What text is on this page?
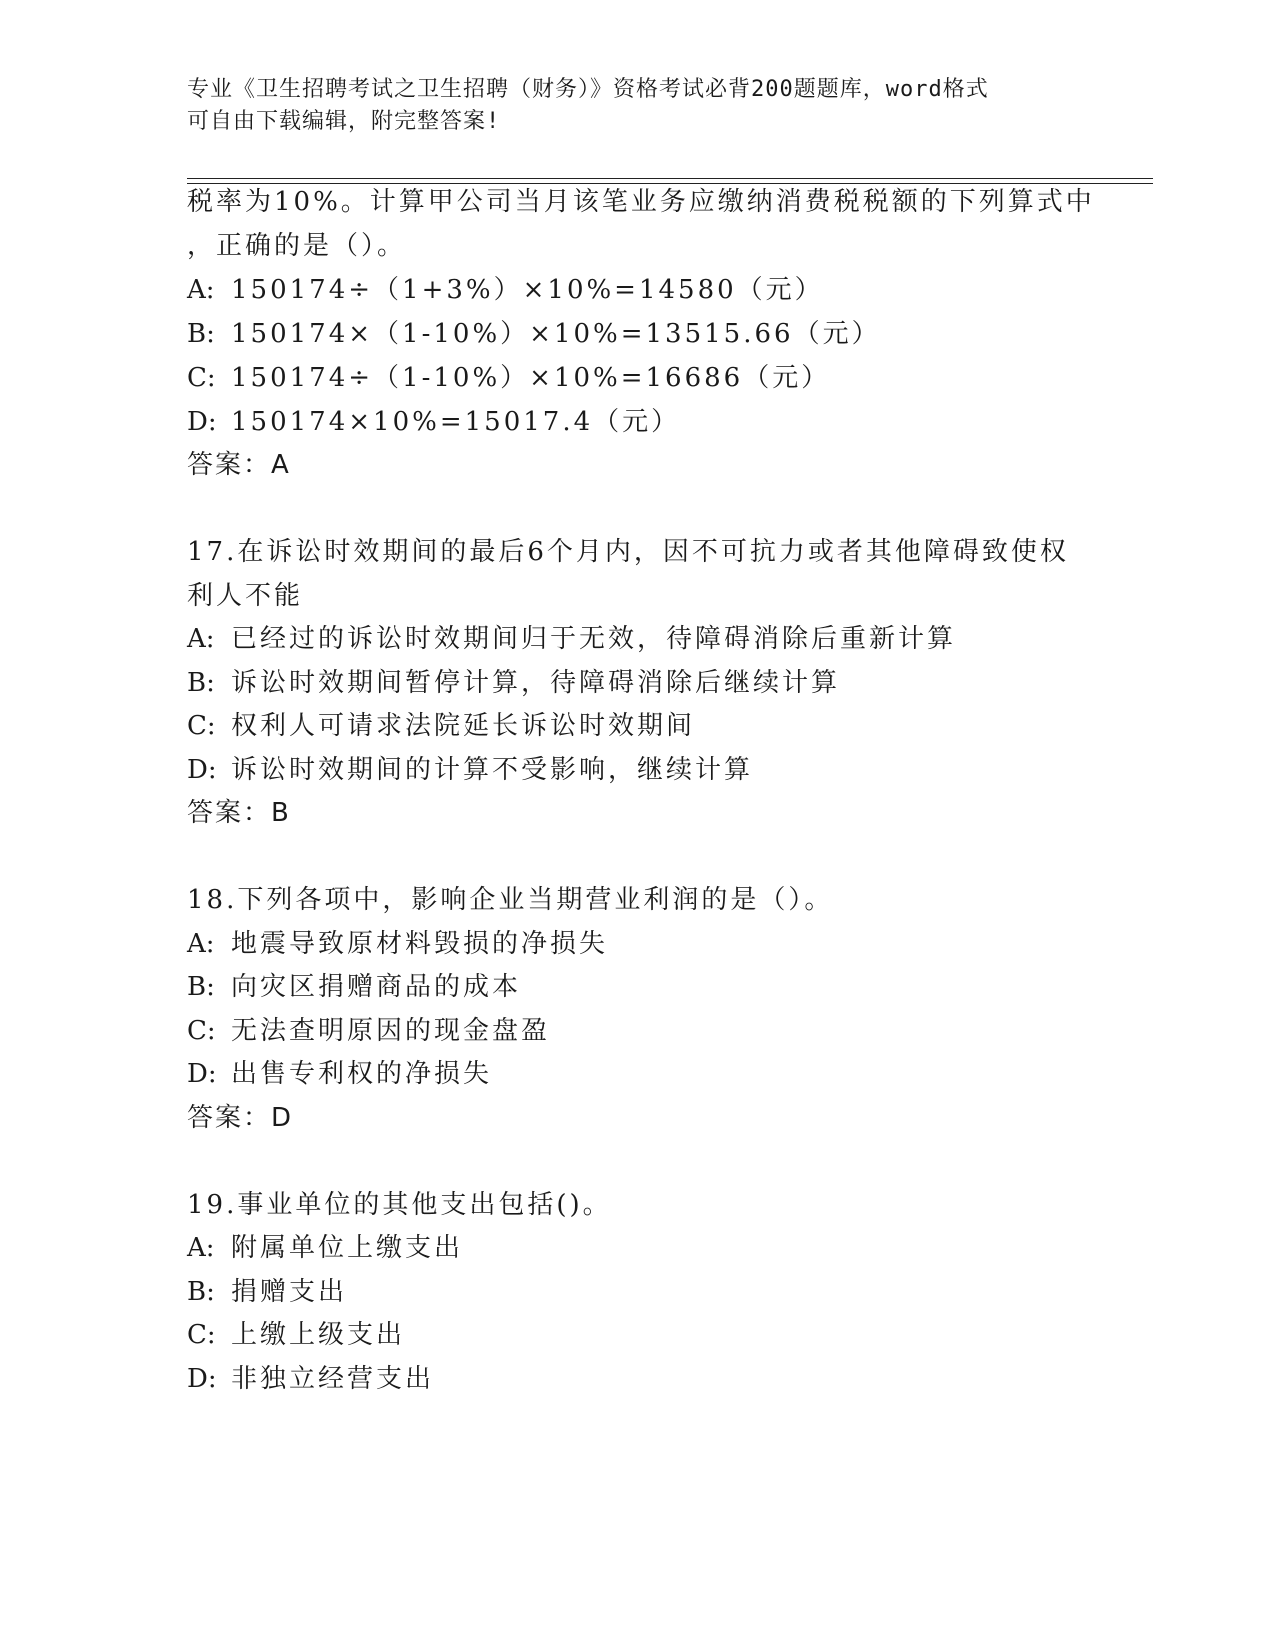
专业《卫生招聘考试之卫生招聘（财务）》资格考试必背200题题库，word格式
可自由下载编辑，附完整答案!
税率为10%。计算甲公司当月该笔业务应缴纳消费税税额的下列算式中
，正确的是（）。
A: 150174÷（1+3%）×10%=14580（元）
B: 150174×（1-10%）×10%=13515.66（元）
C: 150174÷（1-10%）×10%=16686（元）
D: 150174×10%=15017.4（元）
答案：A
17.在诉讼时效期间的最后6个月内，因不可抗力或者其他障碍致使权
利人不能
A: 已经过的诉讼时效期间归于无效，待障碍消除后重新计算
B: 诉讼时效期间暂停计算，待障碍消除后继续计算
C: 权利人可请求法院延长诉讼时效期间
D: 诉讼时效期间的计算不受影响，继续计算
答案：B
18.下列各项中，影响企业当期营业利润的是（）。
A: 地震导致原材料毁损的净损失
B: 向灾区捐赠商品的成本
C: 无法查明原因的现金盘盈
D: 出售专利权的净损失
答案：D
19.事业单位的其他支出包括()。
A: 附属单位上缴支出
B: 捐赠支出
C: 上缴上级支出
D: 非独立经营支出
